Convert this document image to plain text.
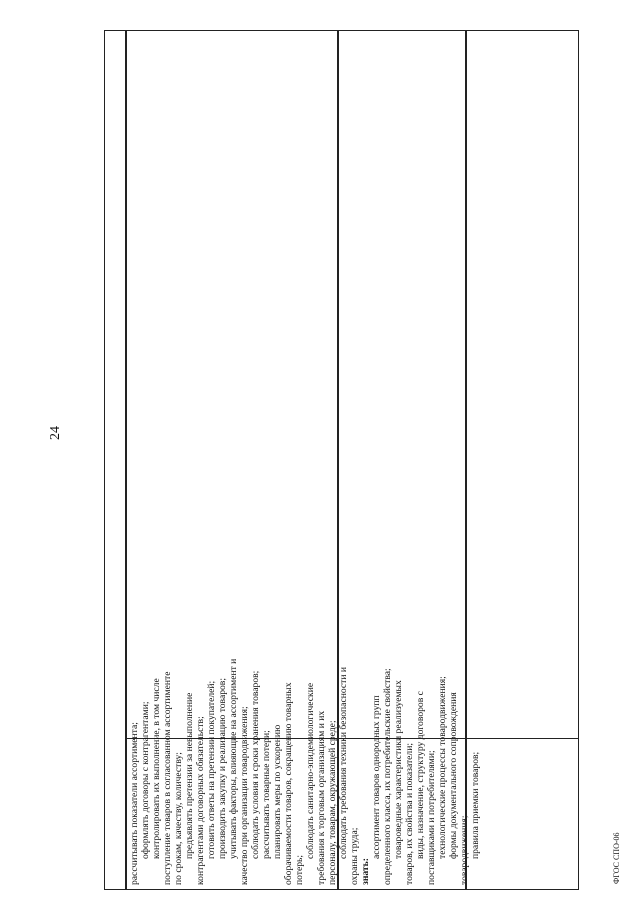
24

рассчитывать показатели ассортимента; оформлять договоры с контрагентами; контролировать их выполнение, в том числе поступление товаров в согласованном ассортименте по срокам, качеству, количеству; предъявлять претензии за невыполнение контрагентами договорных обязательств; готовить ответы на претензии покупателей; производить закупку и реализацию товаров; учитывать факторы, влияющие на ассортимент и качество при организации товародвижения; соблюдать условия и сроки хранения товаров; рассчитывать товарные потери; планировать меры по ускорению оборачиваемости товаров, сокращению товарных потерь;

соблюдать санитарно-эпидемиологические требования к торговым организациям и их персоналу, товарам, окружающей среде; соблюдать требования техники безопасности и охраны труда; знать:

ассортимент товаров однородных групп определенного класса, их потребительские свойства; товароведные характеристики реализуемых товаров, их свойства и показатели; виды, назначение, структуру договоров с поставщиками и потребителями; технологические процессы товародвижения; формы документального сопровождения товародвижения; правила приемки товаров;	ФГОС СПО-06
